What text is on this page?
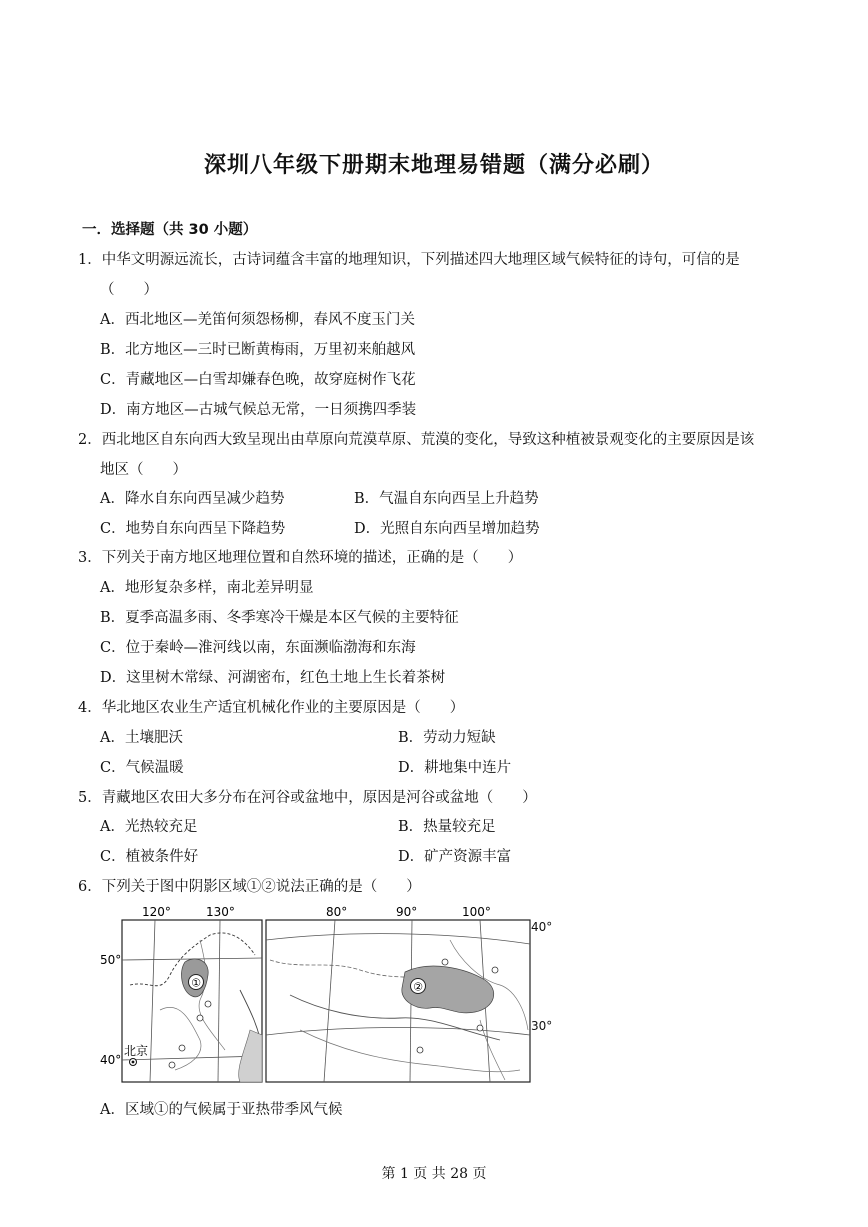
深圳八年级下册期末地理易错题（满分必刷）
一．选择题（共 30 小题）
1．中华文明源远流长，古诗词蕴含丰富的地理知识，下列描述四大地理区域气候特征的诗句，可信的是
（　　）
A．西北地区—羌笛何须怨杨柳，春风不度玉门关
B．北方地区—三时已断黄梅雨，万里初来舶越风
C．青藏地区—白雪却嫌春色晚，故穿庭树作飞花
D．南方地区—古城气候总无常，一日须携四季装
2．西北地区自东向西大致呈现出由草原向荒漠草原、荒漠的变化，导致这种植被景观变化的主要原因是该
地区（　　）
A．降水自东向西呈减少趋势	B．气温自东向西呈上升趋势
C．地势自东向西呈下降趋势	D．光照自东向西呈增加趋势
3．下列关于南方地区地理位置和自然环境的描述，正确的是（　　）
A．地形复杂多样，南北差异明显
B．夏季高温多雨、冬季寒冷干燥是本区气候的主要特征
C．位于秦岭—淮河线以南，东面濒临渤海和东海
D．这里树木常绿、河湖密布，红色土地上生长着茶树
4．华北地区农业生产适宜机械化作业的主要原因是（　　）
A．土壤肥沃	B．劳动力短缺
C．气候温暖	D．耕地集中连片
5．青藏地区农田大多分布在河谷或盆地中，原因是河谷或盆地（　　）
A．光热较充足	B．热量较充足
C．植被条件好	D．矿产资源丰富
6．下列关于图中阴影区域①②说法正确的是（　　）
①
北京
120°	130°
50°
40°
②
80°	90°	100°
40°
30°
A．区域①的气候属于亚热带季风气候
第 1 页 共 28 页
